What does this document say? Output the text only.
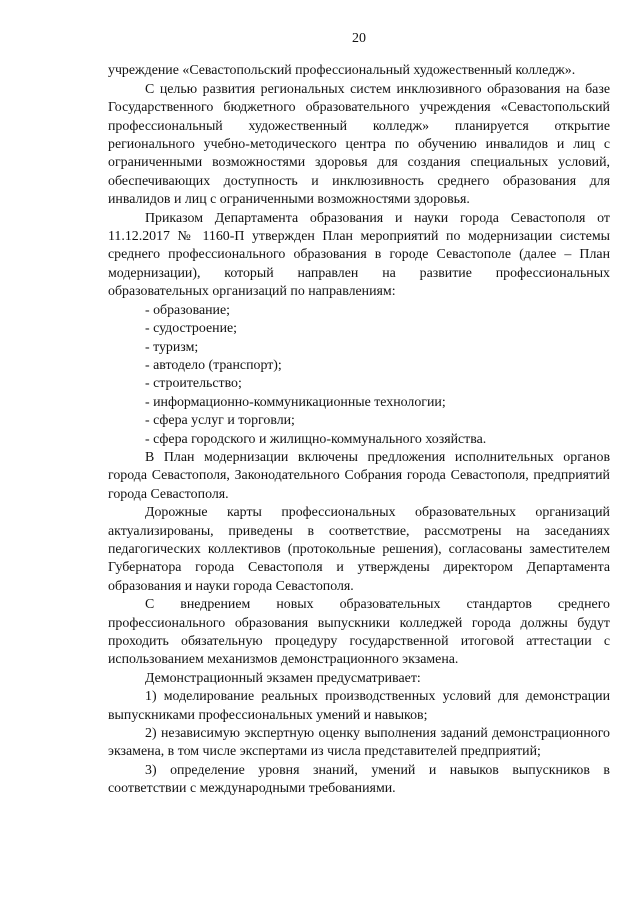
20

учреждение «Севастопольский профессиональный художественный колледж».

С целью развития региональных систем инклюзивного образования на базе Государственного бюджетного образовательного учреждения «Севастопольский профессиональный художественный колледж» планируется открытие регионального учебно-методического центра по обучению инвалидов и лиц с ограниченными возможностями здоровья для создания специальных условий, обеспечивающих доступность и инклюзивность среднего образования для инвалидов и лиц с ограниченными возможностями здоровья.

Приказом Департамента образования и науки города Севастополя от 11.12.2017 № 1160-П утвержден План мероприятий по модернизации системы среднего профессионального образования в городе Севастополе (далее – План модернизации), который направлен на развитие профессиональных образовательных организаций по направлениям:

- образование;
- судостроение;
- туризм;
- автодело (транспорт);
- строительство;
- информационно-коммуникационные технологии;
- сфера услуг и торговли;
- сфера городского и жилищно-коммунального хозяйства.

В План модернизации включены предложения исполнительных органов города Севастополя, Законодательного Собрания города Севастополя, предприятий города Севастополя.

Дорожные карты профессиональных образовательных организаций актуализированы, приведены в соответствие, рассмотрены на заседаниях педагогических коллективов (протокольные решения), согласованы заместителем Губернатора города Севастополя и утверждены директором Департамента образования и науки города Севастополя.

С внедрением новых образовательных стандартов среднего профессионального образования выпускники колледжей города должны будут проходить обязательную процедуру государственной итоговой аттестации с использованием механизмов демонстрационного экзамена.

Демонстрационный экзамен предусматривает:

1) моделирование реальных производственных условий для демонстрации выпускниками профессиональных умений и навыков;

2) независимую экспертную оценку выполнения заданий демонстрационного экзамена, в том числе экспертами из числа представителей предприятий;

3) определение уровня знаний, умений и навыков выпускников в соответствии с международными требованиями.
